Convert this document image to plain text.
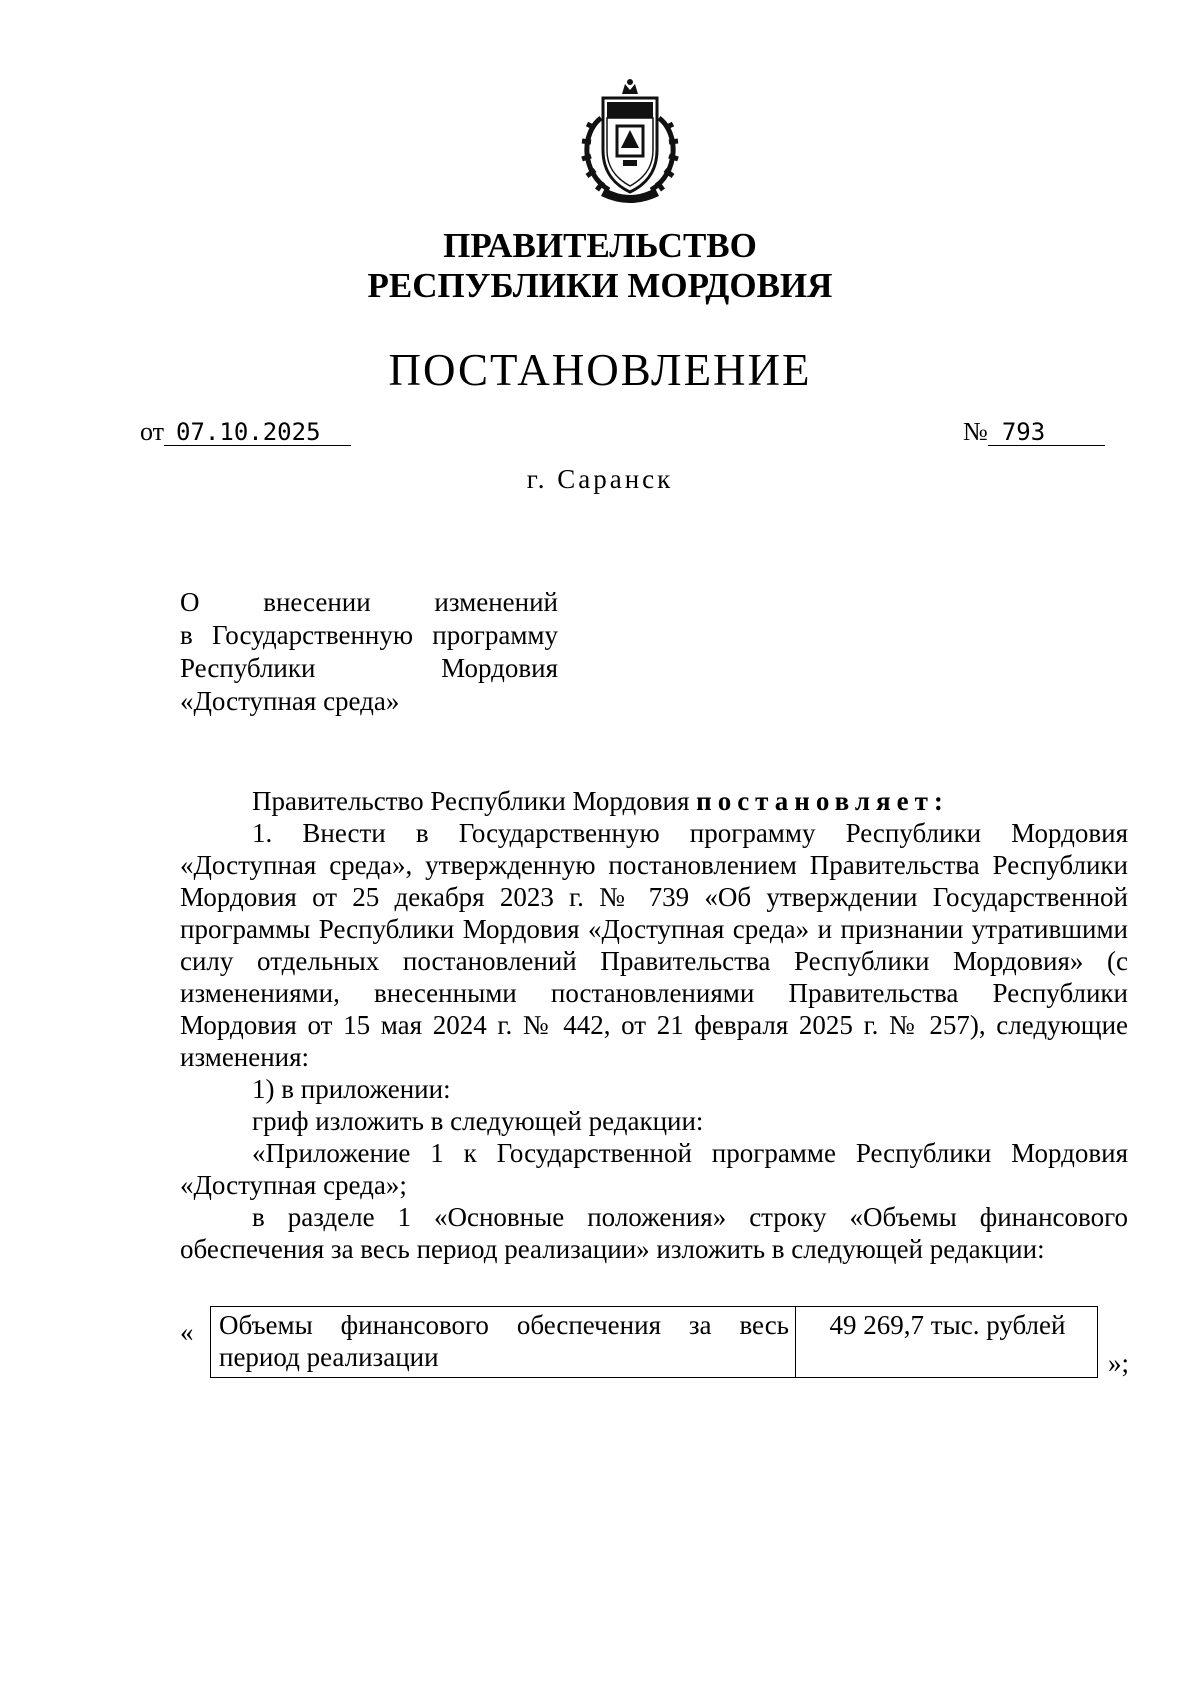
ПРАВИТЕЛЬСТВО
РЕСПУБЛИКИ МОРДОВИЯ
ПОСТАНОВЛЕНИЕ
от 07.10.2025	№ 793
г. Саранск
О внесении изменений
в Государственную программу
Республики Мордовия
«Доступная среда»

Правительство Республики Мордовия постановляет:

1. Внести в Государственную программу Республики Мордовия «Доступная среда», утвержденную постановлением Правительства Республики Мордовия от 25 декабря 2023 г. № 739 «Об утверждении Государственной программы Республики Мордовия «Доступная среда» и признании утратившими силу отдельных постановлений Правительства Республики Мордовия» (с изменениями, внесенными постановлениями Правительства Республики Мордовия от 15 мая 2024 г. № 442, от 21 февраля 2025 г. № 257), следующие изменения:

1) в приложении:

гриф изложить в следующей редакции:

«Приложение 1 к Государственной программе Республики Мордовия «Доступная среда»;

в разделе 1 «Основные положения» строку «Объемы финансового обеспечения за весь период реализации» изложить в следующей редакции:

« Объемы финансового обеспечения за весь период реализации	49 269,7 тыс. рублей
»;
